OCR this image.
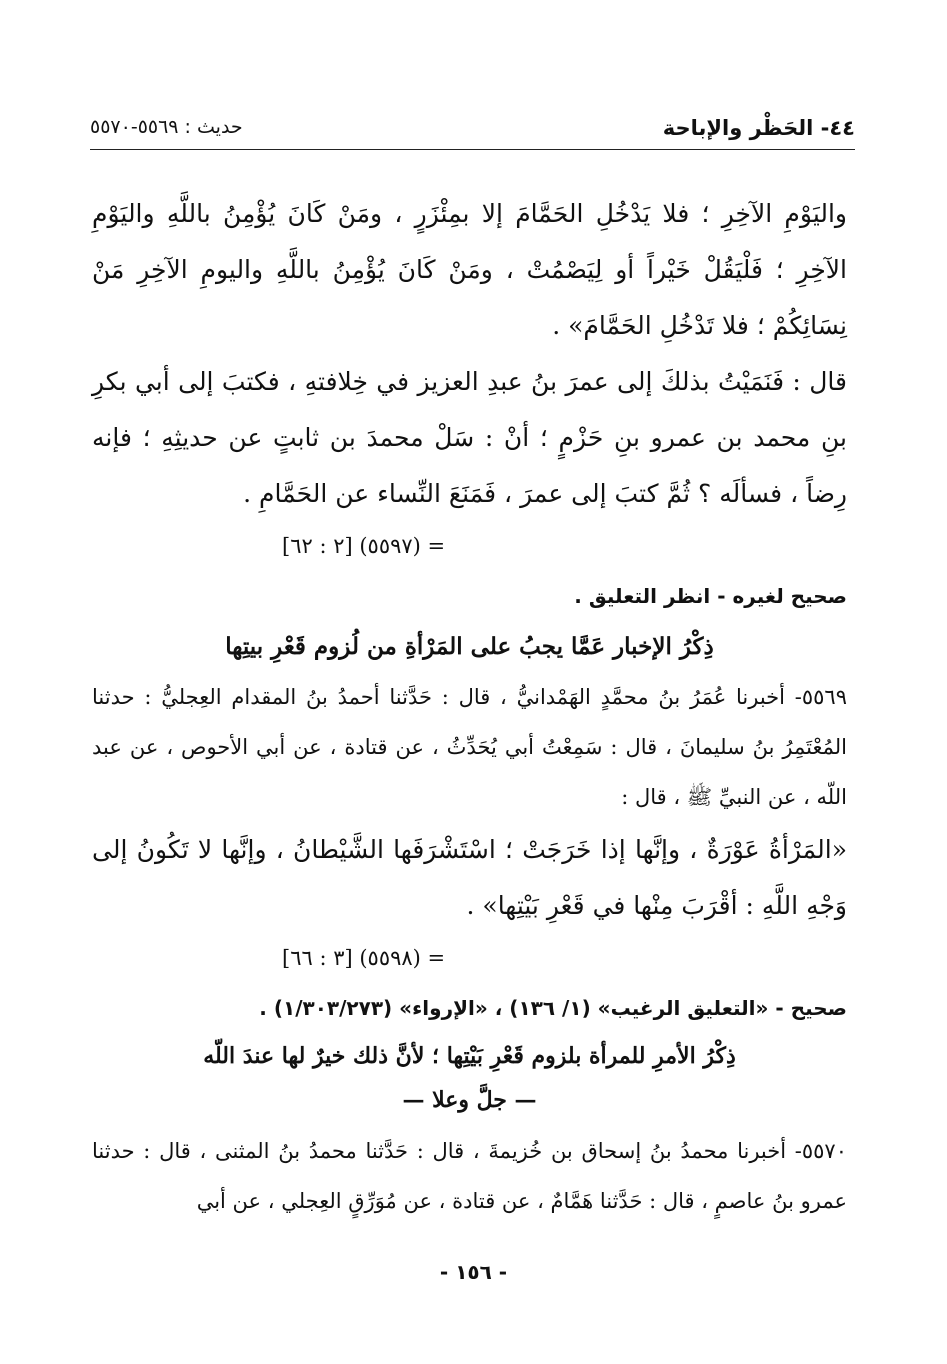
٤٤- الحَظْر والإباحة
حديث : ٥٥٦٩-٥٥٧٠

واليَوْمِ الآخِرِ ؛ فلا يَدْخُلِ الحَمَّامَ إلا بمِئْزَرٍ ، ومَنْ كَانَ يُؤْمِنُ باللَّهِ واليَوْمِ الآخِرِ ؛ فَلْيَقُلْ خَيْراً أو لِيَصْمُتْ ، ومَنْ كَانَ يُؤْمِنُ باللَّهِ واليومِ الآخِرِ مَنْ نِسَائِكُمْ ؛ فلا تَدْخُلِ الحَمَّامَ» .

قال : فَنَمَيْتُ بذلكَ إلى عمرَ بنُ عبدِ العزيز في خِلافتهِ ، فكتبَ إلى أبي بكرِ بنِ محمد بن عمرو بنِ حَزْمٍ ؛ أنْ : سَلْ محمدَ بن ثابتٍ عن حديثِهِ ؛ فإنه رِضاً ، فسألَه ؟ ثُمَّ كتبَ إلى عمرَ ، فَمَنَعَ النِّساء عن الحَمَّامِ .

= (٥٥٩٧) [٢ : ٦٢]

صحيح لغيره - انظر التعليق .

ذِكْرُ الإخبار عَمَّا يجبُ على المَرْأةِ من لُزوم قَعْرِ بيتِها

٥٥٦٩- أخبرنا عُمَرُ بنُ محمَّدٍ الهَمْدانيُّ ، قال : حَدَّثنا أحمدُ بنُ المقدام العِجليُّ : حدثنا المُعْتَمِرُ بنُ سليمانَ ، قال : سَمِعْتُ أبي يُحَدِّثُ ، عن قتادة ، عن أبي الأحوص ، عن عبد اللّه ، عن النبيِّ ﷺ ، قال :

«المَرْأةُ عَوْرَةٌ ، وإنَّها إذا خَرَجَتْ ؛ اسْتَشْرَفَها الشَّيْطانُ ، وإنَّها لا تَكُونُ إلى وَجْهِ اللَّهِ : أقْرَبَ مِنْها في قَعْرِ بَيْتِها» .

= (٥٥٩٨) [٣ : ٦٦]

صحيح - «التعليق الرغيب» (١/ ١٣٦) ، «الإرواء» (١/٣٠٣/٢٧٣) .

ذِكْرُ الأمرِ للمرأة بلزوم قَعْرِ بَيْتِها ؛ لأنَّ ذلك خيرٌ لها عندَ اللّه

— جلَّ وعلا —

٥٥٧٠- أخبرنا محمدُ بنُ إسحاق بن خُزيمةَ ، قال : حَدَّثنا محمدُ بنُ المثنى ، قال : حدثنا عمرو بنُ عاصمٍ ، قال : حَدَّثنا هَمَّامٌ ، عن قتادة ، عن مُوَرِّقٍ العِجلي ، عن أبي

- ١٥٦ -
